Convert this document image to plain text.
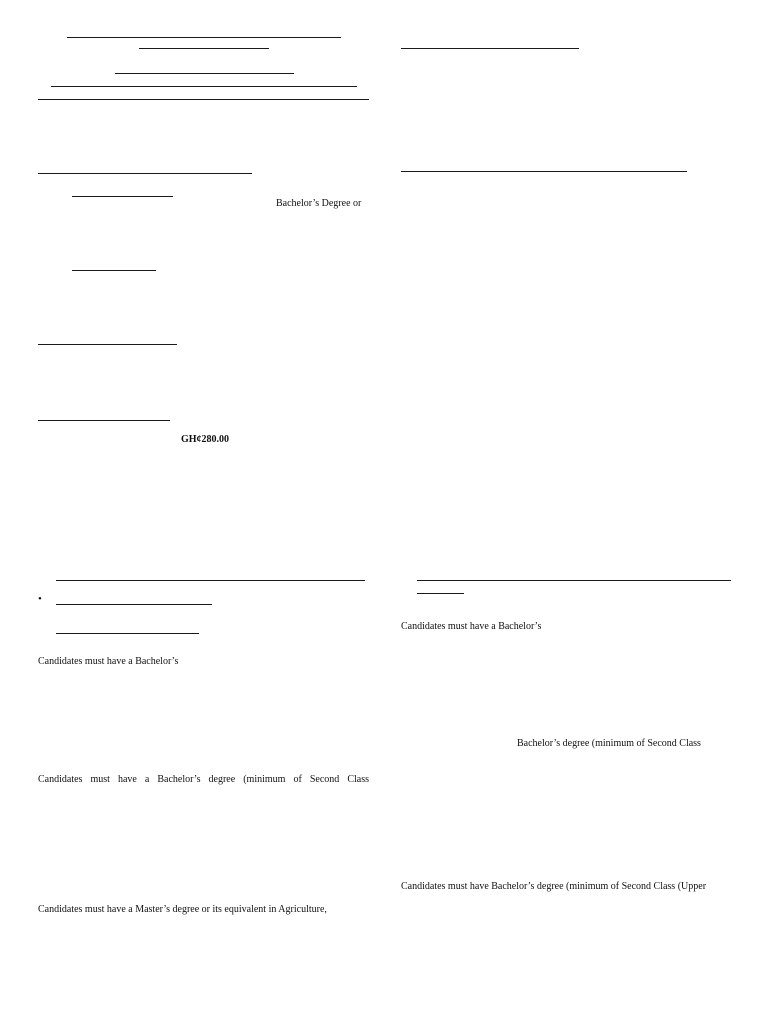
Bachelor’s Degree or
GH¢280.00
•
Candidates must have a Bachelor’s
Candidates must have a Bachelor’s degree (minimum of Second Class
Candidates must have a Master’s degree or its equivalent in Agriculture,
Candidates must have a Bachelor’s
Bachelor’s degree (minimum of Second Class
Candidates must have Bachelor’s degree (minimum of Second Class (Upper
